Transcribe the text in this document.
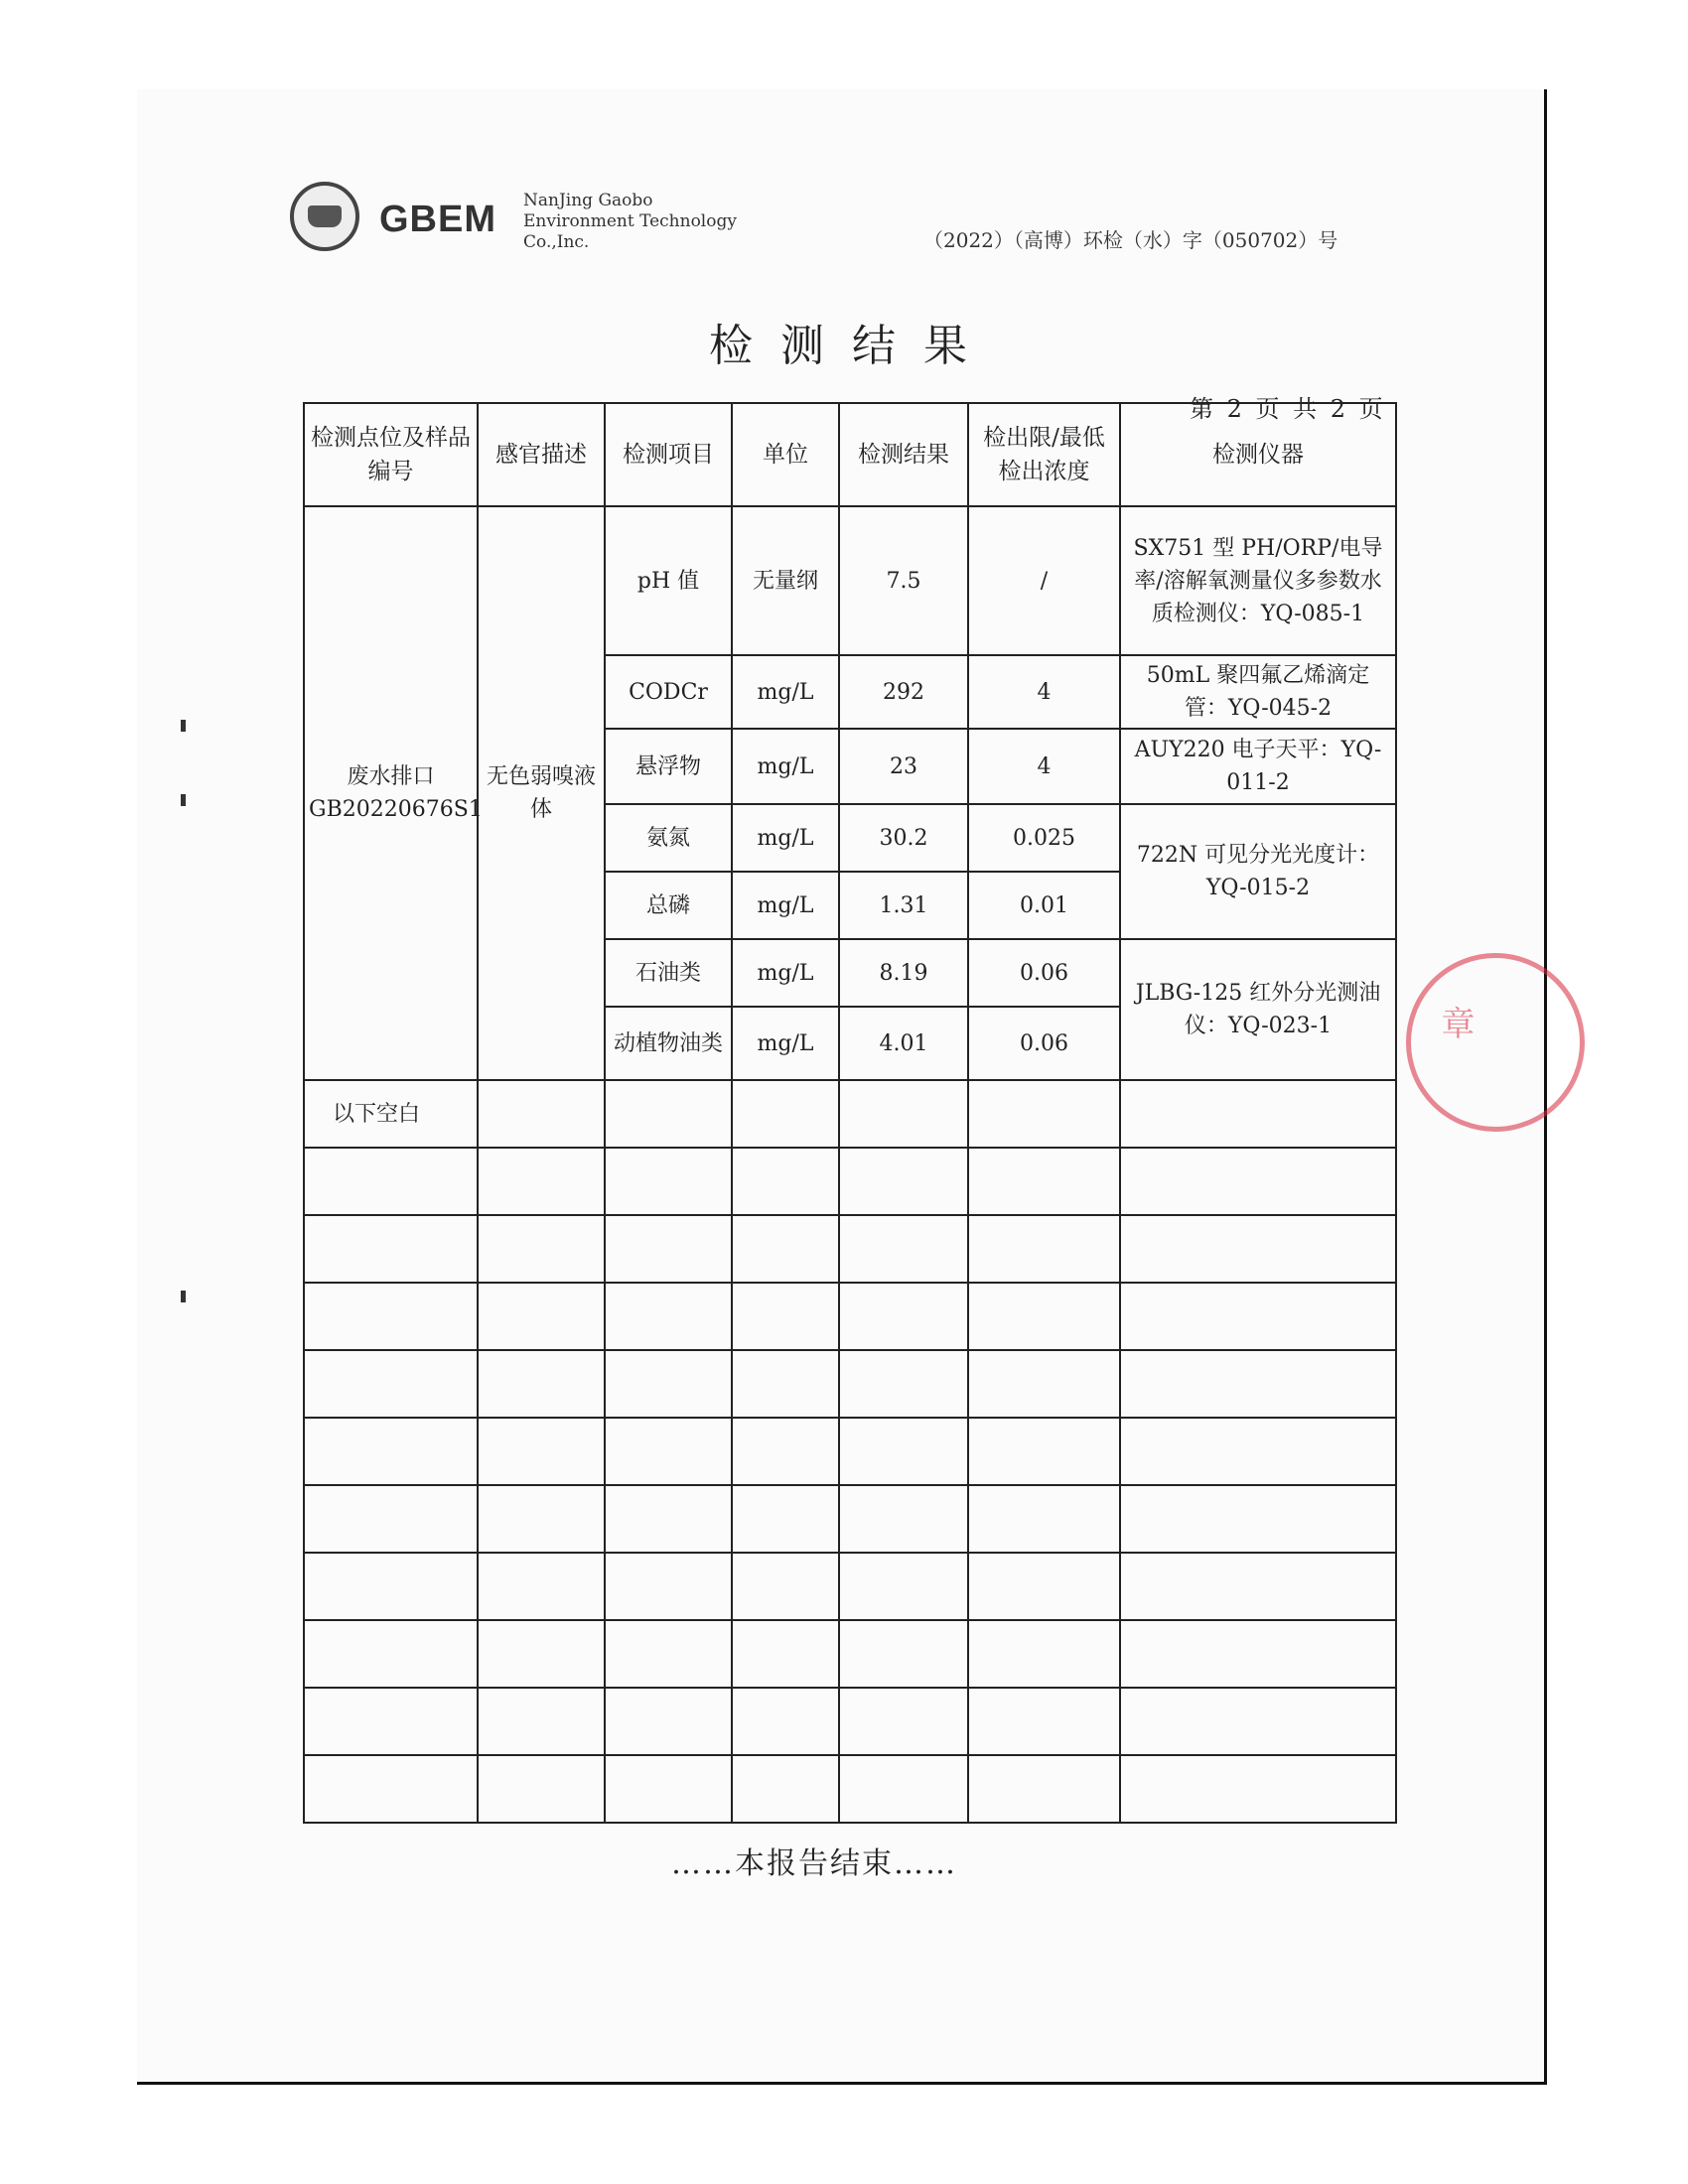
GBEM NanJing Gaobo
Environment Technology
Co.,Inc.	（2022）（高博）环检（水）字（050702）号
检测结果
第 2 页 共 2 页
检测点位及样品编号	感官描述	检测项目	单位	检测结果	检出限/最低检出浓度	检测仪器

废水排口
GB20220676S1	无色弱嗅液体	pH 值	无量纲	7.5	/	SX751 型 PH/ORP/电导率/溶解氧测量仪多参数水质检测仪：YQ-085-1
		CODCr	mg/L	292	4	50mL 聚四氟乙烯滴定管：YQ-045-2
		悬浮物	mg/L	23	4	AUY220 电子天平：YQ-011-2
		氨氮	mg/L	30.2	0.025	722N 可见分光光度计：YQ-015-2
		总磷	mg/L	1.31	0.01	
		石油类	mg/L	8.19	0.06	JLBG-125 红外分光测油仪：YQ-023-1
		动植物油类	mg/L	4.01	0.06	
以下空白						

……本报告结束……
章
